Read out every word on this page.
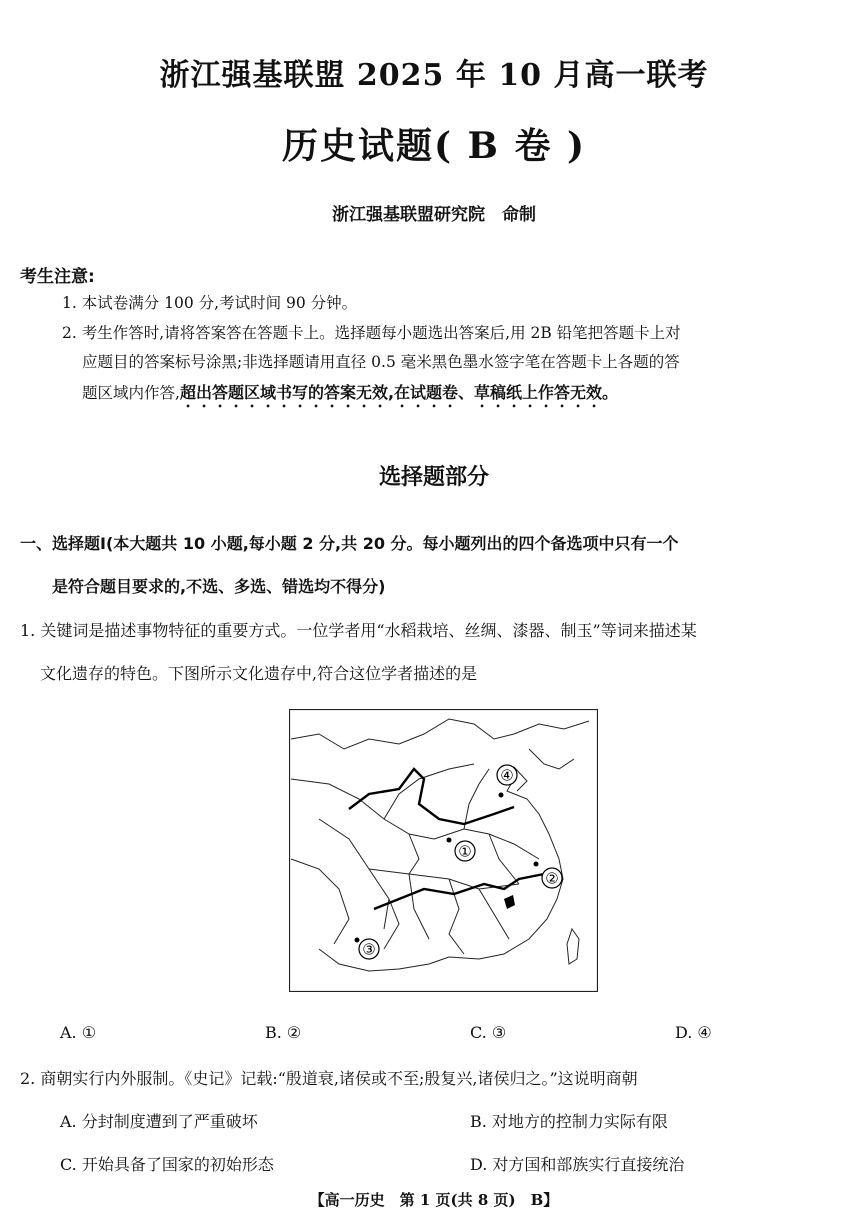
浙江强基联盟 2025 年 10 月高一联考
历史试题( B 卷 )
浙江强基联盟研究院　命制
考生注意:
1. 本试卷满分 100 分,考试时间 90 分钟。
2. 考生作答时,请将答案答在答题卡上。选择题每小题选出答案后,用 2B 铅笔把答题卡上对
应题目的答案标号涂黑;非选择题请用直径 0.5 毫米黑色墨水签字笔在答题卡上各题的答
题区域内作答,超出答题区域书写的答案无效,在试题卷、草稿纸上作答无效。
选择题部分
一、选择题Ⅰ(本大题共 10 小题,每小题 2 分,共 20 分。每小题列出的四个备选项中只有一个
是符合题目要求的,不选、多选、错选均不得分)
1. 关键词是描述事物特征的重要方式。一位学者用“水稻栽培、丝绸、漆器、制玉”等词来描述某
文化遗存的特色。下图所示文化遗存中,符合这位学者描述的是
①
②
③
④
A. ①	B. ②	C. ③	D. ④
2. 商朝实行内外服制。《史记》记载:“殷道衰,诸侯或不至;殷复兴,诸侯归之。”这说明商朝
A. 分封制度遭到了严重破坏	B. 对地方的控制力实际有限
C. 开始具备了国家的初始形态	D. 对方国和部族实行直接统治
【高一历史　第 1 页(共 8 页)　B】
